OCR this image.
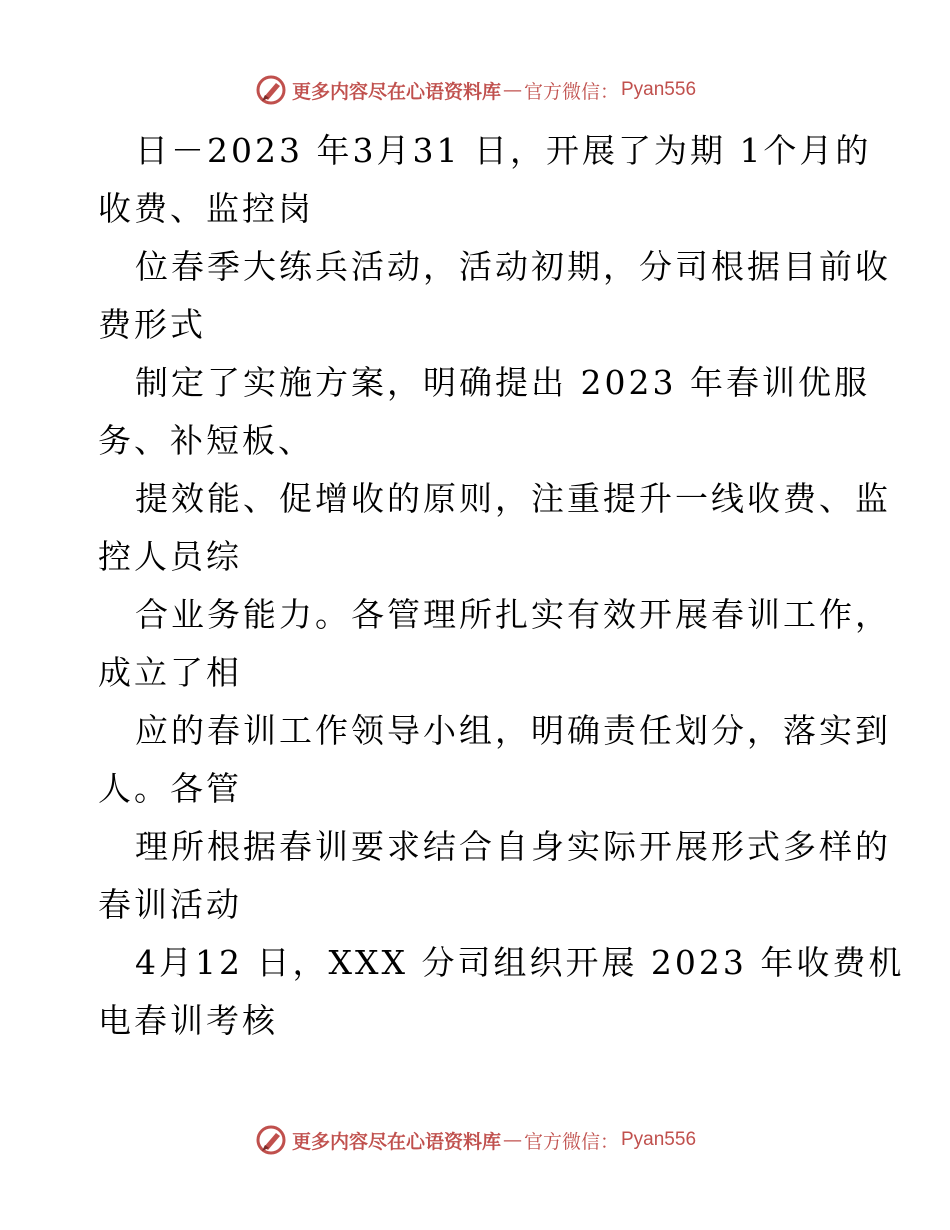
更多内容尽在心语资料库 — 官方微信： Pyan556
日－2023 年3月31 日，开展了为期 1个月的
收费、监控岗
位春季大练兵活动，活动初期，分司根据目前收
费形式
制定了实施方案，明确提出 2023 年春训优服
务、补短板、
提效能、促增收的原则，注重提升一线收费、监
控人员综
合业务能力。各管理所扎实有效开展春训工作，
成立了相
应的春训工作领导小组，明确责任划分，落实到
人。各管
理所根据春训要求结合自身实际开展形式多样的
春训活动
4月12 日，XXX 分司组织开展 2023 年收费机
电春训考核
更多内容尽在心语资料库 — 官方微信： Pyan556
